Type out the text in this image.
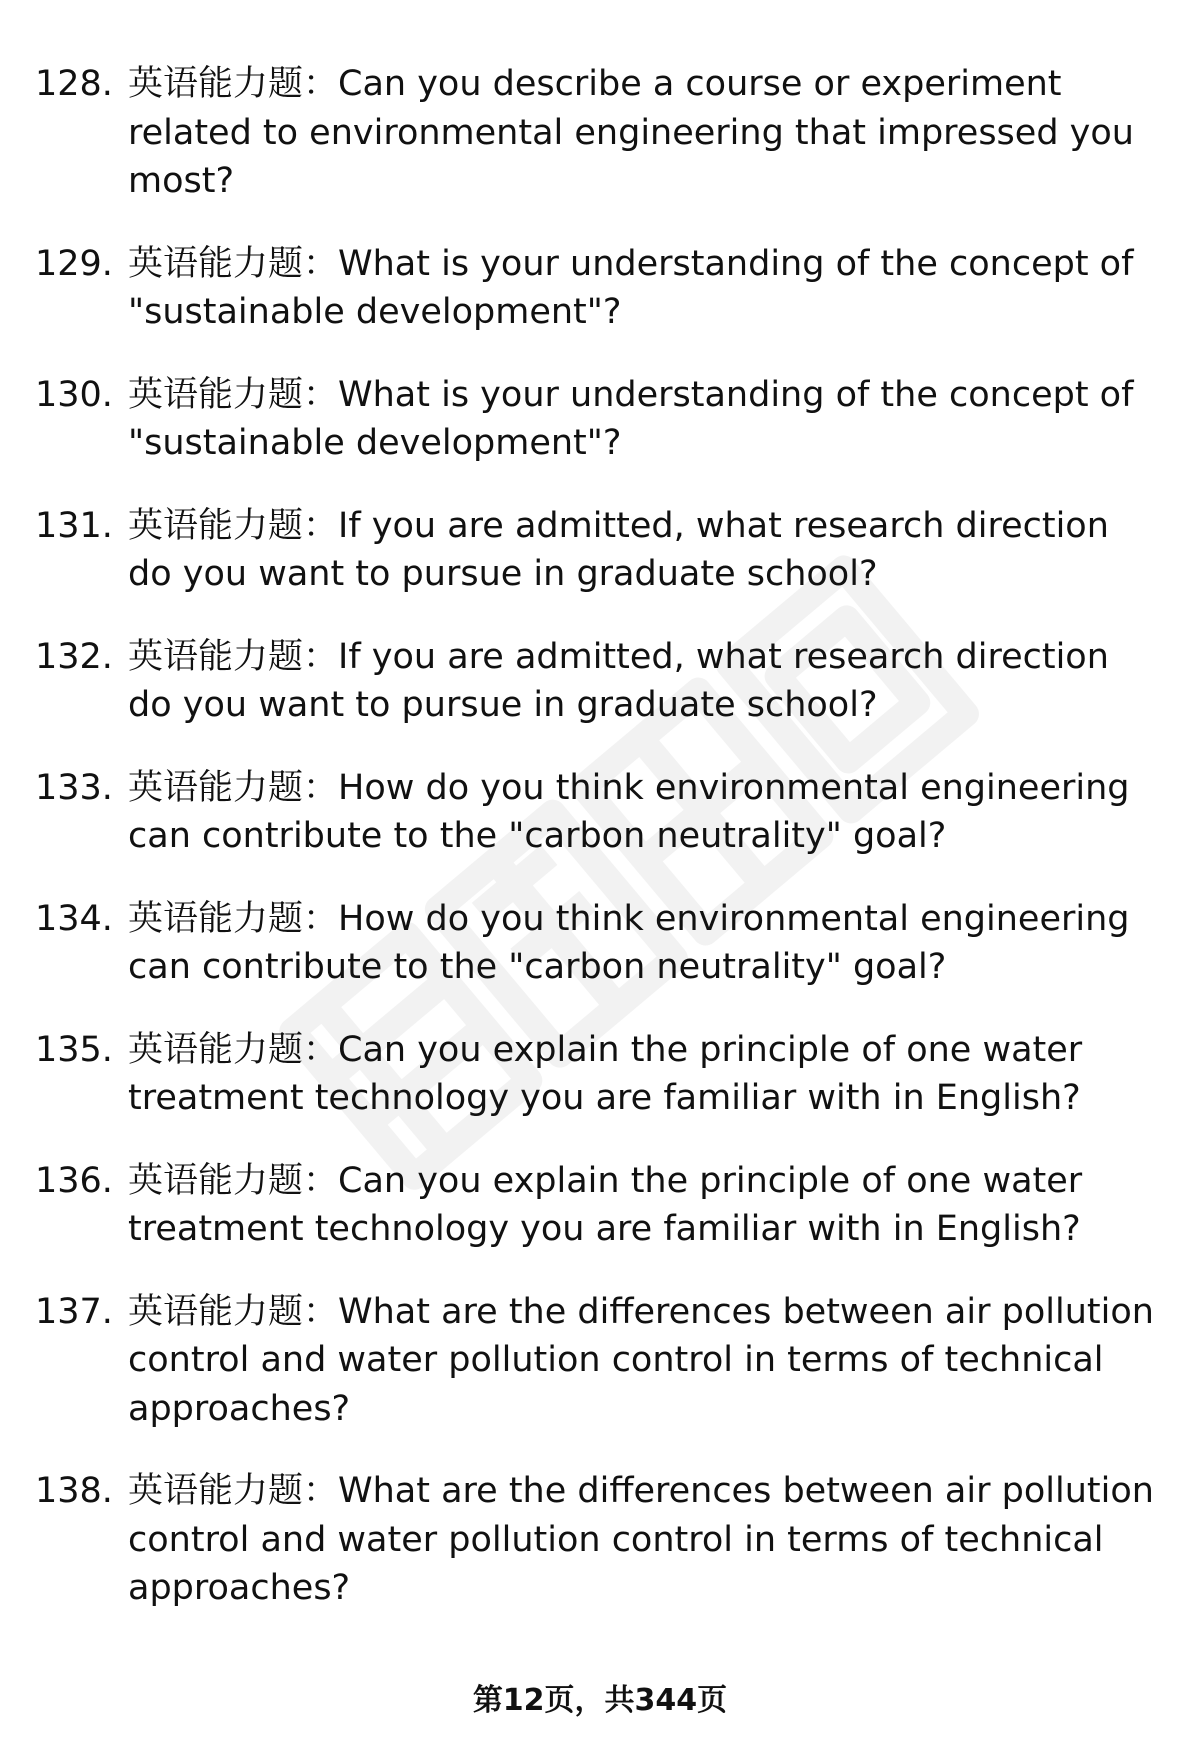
128. 英语能力题：Can you describe a course or experiment related to environmental engineering that impressed you most?
129. 英语能力题：What is your understanding of the concept of "sustainable development"?
130. 英语能力题：What is your understanding of the concept of "sustainable development"?
131. 英语能力题：If you are admitted, what research direction do you want to pursue in graduate school?
132. 英语能力题：If you are admitted, what research direction do you want to pursue in graduate school?
133. 英语能力题：How do you think environmental engineering can contribute to the "carbon neutrality" goal?
134. 英语能力题：How do you think environmental engineering can contribute to the "carbon neutrality" goal?
135. 英语能力题：Can you explain the principle of one water treatment technology you are familiar with in English?
136. 英语能力题：Can you explain the principle of one water treatment technology you are familiar with in English?
137. 英语能力题：What are the differences between air pollution control and water pollution control in terms of technical approaches?
138. 英语能力题：What are the differences between air pollution control and water pollution control in terms of technical approaches?
第12页，共344页
